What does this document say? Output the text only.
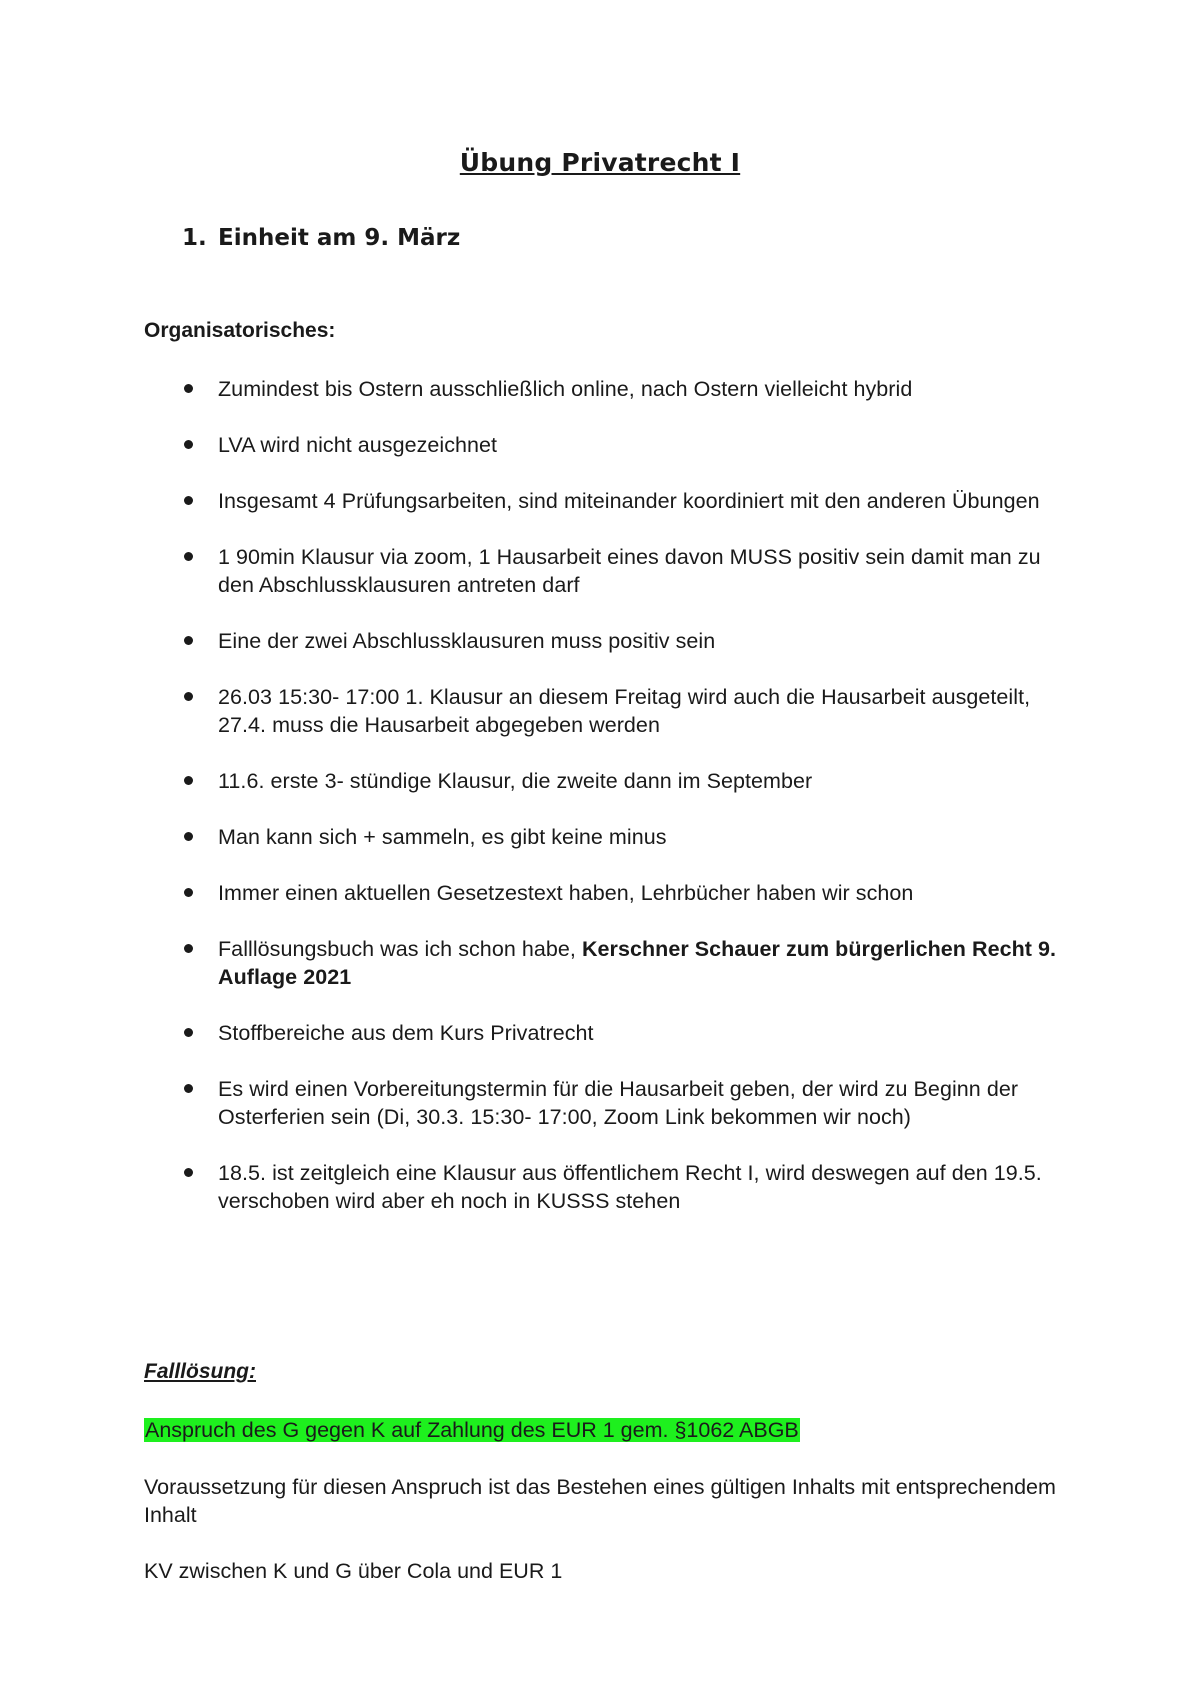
Übung Privatrecht I
1. Einheit am 9. März
Organisatorisches:
Zumindest bis Ostern ausschließlich online, nach Ostern vielleicht hybrid
LVA wird nicht ausgezeichnet
Insgesamt 4 Prüfungsarbeiten, sind miteinander koordiniert mit den anderen Übungen
1 90min Klausur via zoom, 1 Hausarbeit eines davon MUSS positiv sein damit man zu den Abschlussklausuren antreten darf
Eine der zwei Abschlussklausuren muss positiv sein
26.03 15:30- 17:00 1. Klausur an diesem Freitag wird auch die Hausarbeit ausgeteilt, 27.4. muss die Hausarbeit abgegeben werden
11.6. erste 3- stündige Klausur, die zweite dann im September
Man kann sich + sammeln, es gibt keine minus
Immer einen aktuellen Gesetzestext haben, Lehrbücher haben wir schon
Falllösungsbuch was ich schon habe, Kerschner Schauer zum bürgerlichen Recht 9. Auflage 2021
Stoffbereiche aus dem Kurs Privatrecht
Es wird einen Vorbereitungstermin für die Hausarbeit geben, der wird zu Beginn der Osterferien sein (Di, 30.3. 15:30- 17:00, Zoom Link bekommen wir noch)
18.5. ist zeitgleich eine Klausur aus öffentlichem Recht I, wird deswegen auf den 19.5. verschoben wird aber eh noch in KUSSS stehen
Falllösung:
Anspruch des G gegen K auf Zahlung des EUR 1 gem. §1062 ABGB
Voraussetzung für diesen Anspruch ist das Bestehen eines gültigen Inhalts mit entsprechendem Inhalt
KV zwischen K und G über Cola und EUR 1
